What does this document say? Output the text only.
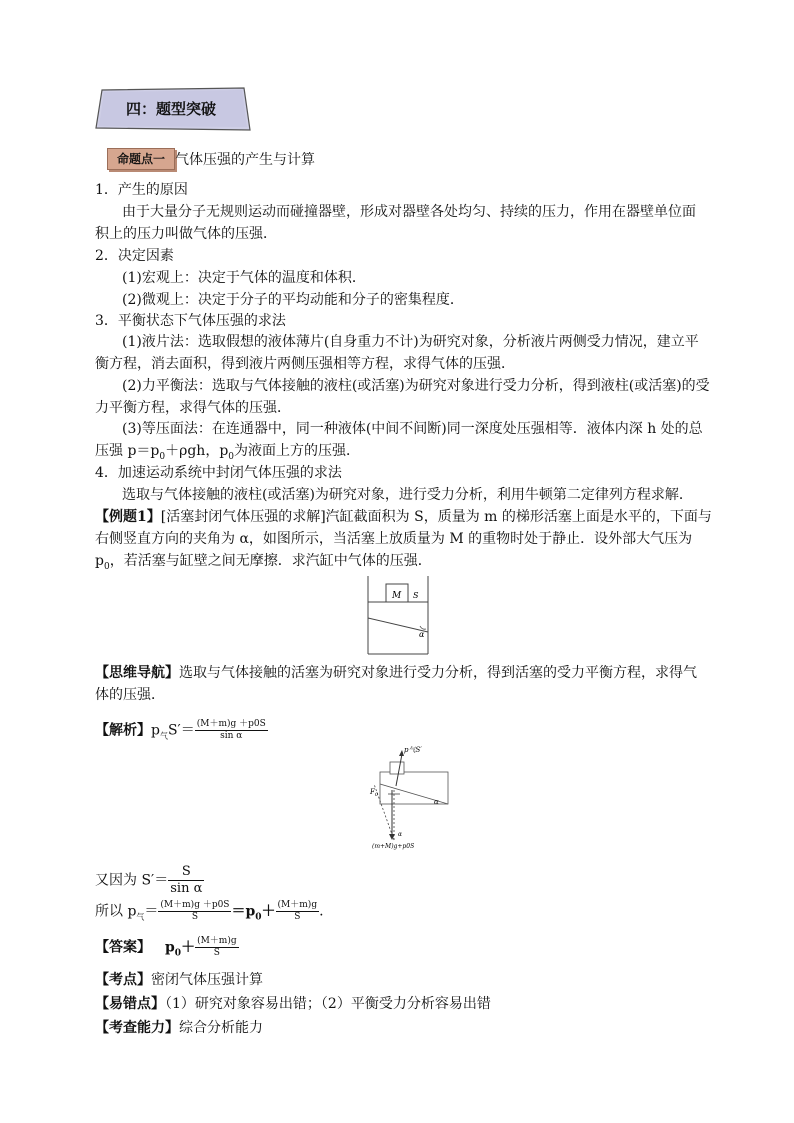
四：题型突破
命题点一 气体压强的产生与计算
1．产生的原因
由于大量分子无规则运动而碰撞器壁，形成对器壁各处均匀、持续的压力，作用在器壁单位面
积上的压力叫做气体的压强．
2．决定因素
(1)宏观上：决定于气体的温度和体积．
(2)微观上：决定于分子的平均动能和分子的密集程度．
3．平衡状态下气体压强的求法
(1)液片法：选取假想的液体薄片(自身重力不计)为研究对象，分析液片两侧受力情况，建立平
衡方程，消去面积，得到液片两侧压强相等方程，求得气体的压强．
(2)力平衡法：选取与气体接触的液柱(或活塞)为研究对象进行受力分析，得到液柱(或活塞)的受
力平衡方程，求得气体的压强．
(3)等压面法：在连通器中，同一种液体(中间不间断)同一深度处压强相等．液体内深 h 处的总
压强 $p=p_0+\rho gh$，$p_0$为液面上方的压强．
4．加速运动系统中封闭气体压强的求法
选取与气体接触的液柱(或活塞)为研究对象，进行受力分析，利用牛顿第二定律列方程求解．
【例题1】[活塞封闭气体压强的求解]汽缸截面积为 S，质量为 m 的梯形活塞上面是水平的，下面与
右侧竖直方向的夹角为 α，如图所示，当活塞上放质量为 M 的重物时处于静止．设外部大气压为
$p_0$，若活塞与缸壁之间无摩擦．求汽缸中气体的压强．
M S
α
【思维导航】选取与气体接触的活塞为研究对象进行受力分析，得到活塞的受力平衡方程，求得气
体的压强．
【解析】$p_气S'= \frac{(M+m)g +p0S}{\text{sin α}}$
p气S′
$F_0$
α
α
(m+M)g+p0S
又因为 $S'= \frac{S}{\text{sin α}}$
所以 $p_气= \frac{(M+m)g +p0S}{S} =p_0+ \frac{(M+m)g}{S}$ .
【答案】 $p_0+ \frac{(M+m)g}{S}$
【考点】密闭气体压强计算
【易错点】（1）研究对象容易出错；（2）平衡受力分析容易出错
【考查能力】综合分析能力
